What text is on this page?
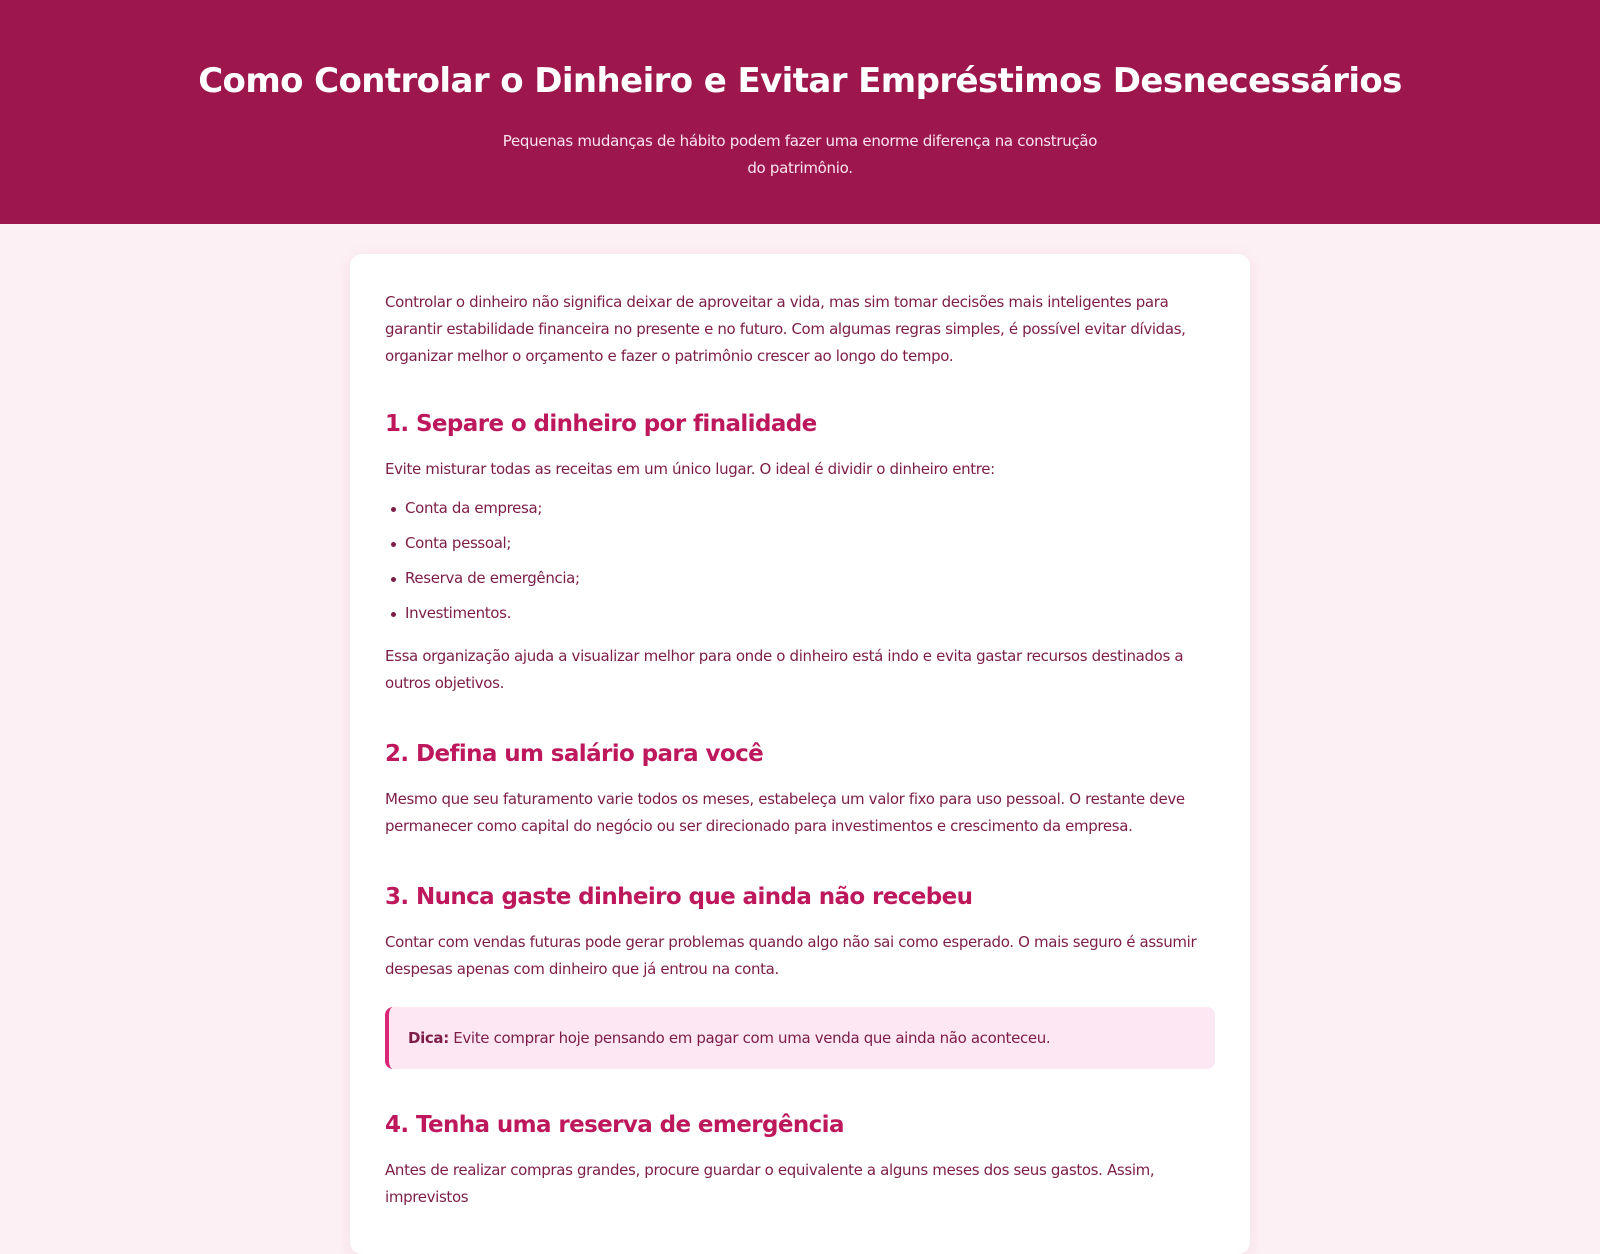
Como Controlar o Dinheiro e Evitar Empréstimos Desnecessários

Pequenas mudanças de hábito podem fazer uma enorme diferença na construção do patrimônio.

Controlar o dinheiro não significa deixar de aproveitar a vida, mas sim tomar decisões mais inteligentes para garantir estabilidade financeira no presente e no futuro. Com algumas regras simples, é possível evitar dívidas, organizar melhor o orçamento e fazer o patrimônio crescer ao longo do tempo.

1. Separe o dinheiro por finalidade

Evite misturar todas as receitas em um único lugar. O ideal é dividir o dinheiro entre:

Conta da empresa;
Conta pessoal;
Reserva de emergência;
Investimentos.

Essa organização ajuda a visualizar melhor para onde o dinheiro está indo e evita gastar recursos destinados a outros objetivos.

2. Defina um salário para você

Mesmo que seu faturamento varie todos os meses, estabeleça um valor fixo para uso pessoal. O restante deve permanecer como capital do negócio ou ser direcionado para investimentos e crescimento da empresa.

3. Nunca gaste dinheiro que ainda não recebeu

Contar com vendas futuras pode gerar problemas quando algo não sai como esperado. O mais seguro é assumir despesas apenas com dinheiro que já entrou na conta.

Dica: Evite comprar hoje pensando em pagar com uma venda que ainda não aconteceu.
4. Tenha uma reserva de emergência

Antes de realizar compras grandes, procure guardar o equivalente a alguns meses dos seus gastos. Assim, imprevistos
